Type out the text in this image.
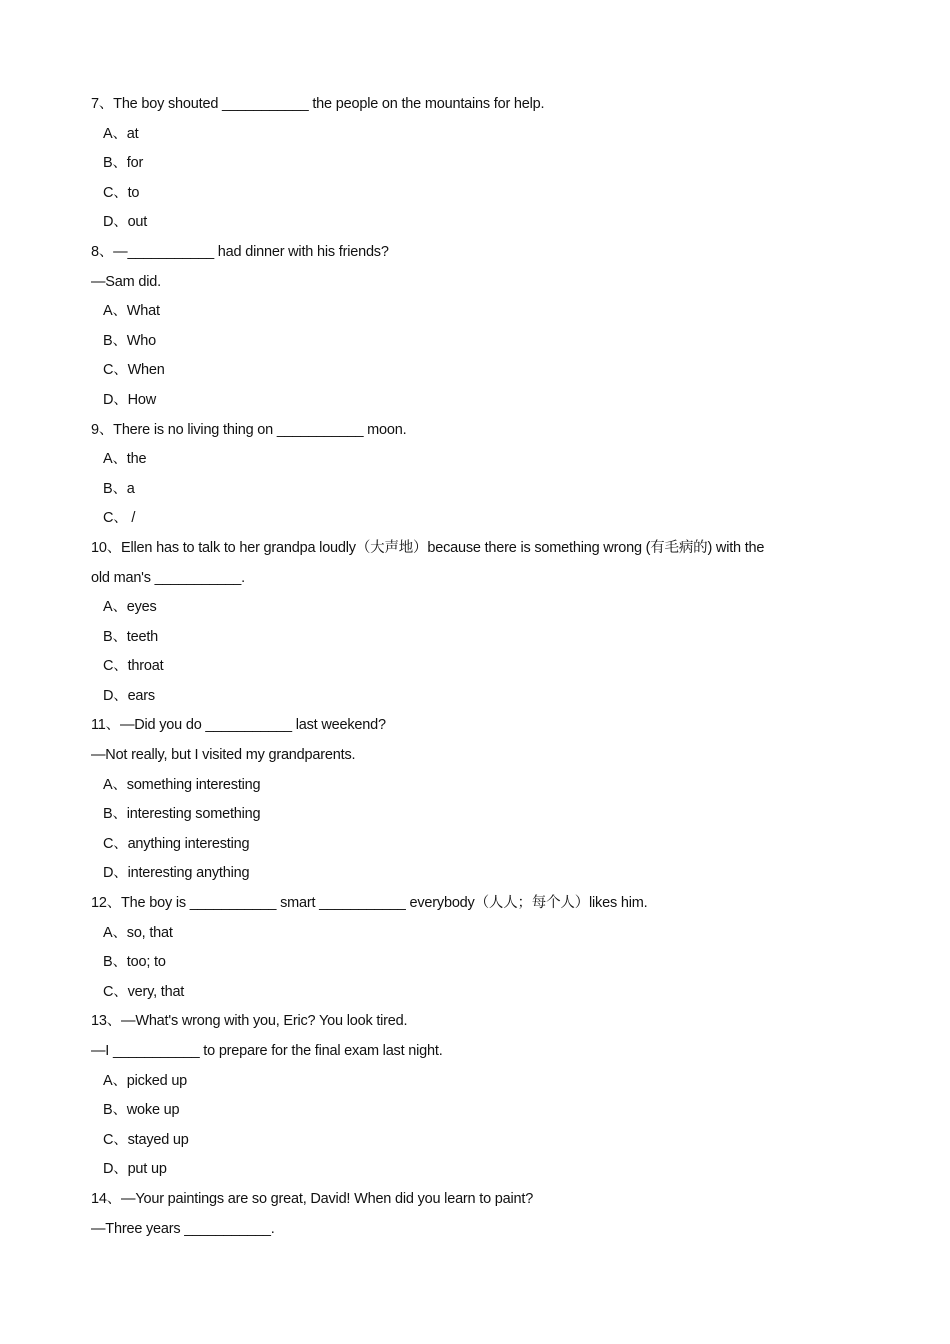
7、The boy shouted ___________ the people on the mountains for help.
A、at
B、for
C、to
D、out
8、—___________ had dinner with his friends?
—Sam did.
A、What
B、Who
C、When
D、How
9、There is no living thing on ___________ moon.
A、the
B、a
C、 /
10、Ellen has to talk to her grandpa loudly（大声地）because there is something wrong (有毛病的) with the
old man's ___________.
A、eyes
B、teeth
C、throat
D、ears
11、—Did you do ___________ last weekend?
—Not really, but I visited my grandparents.
A、something interesting
B、interesting something
C、anything interesting
D、interesting anything
12、The boy is ___________ smart ___________ everybody（人人；每个人）likes him.
A、so, that
B、too; to
C、very, that
13、—What's wrong with you, Eric? You look tired.
—I ___________ to prepare for the final exam last night.
A、picked up
B、woke up
C、stayed up
D、put up
14、—Your paintings are so great, David! When did you learn to paint?
—Three years ___________.
